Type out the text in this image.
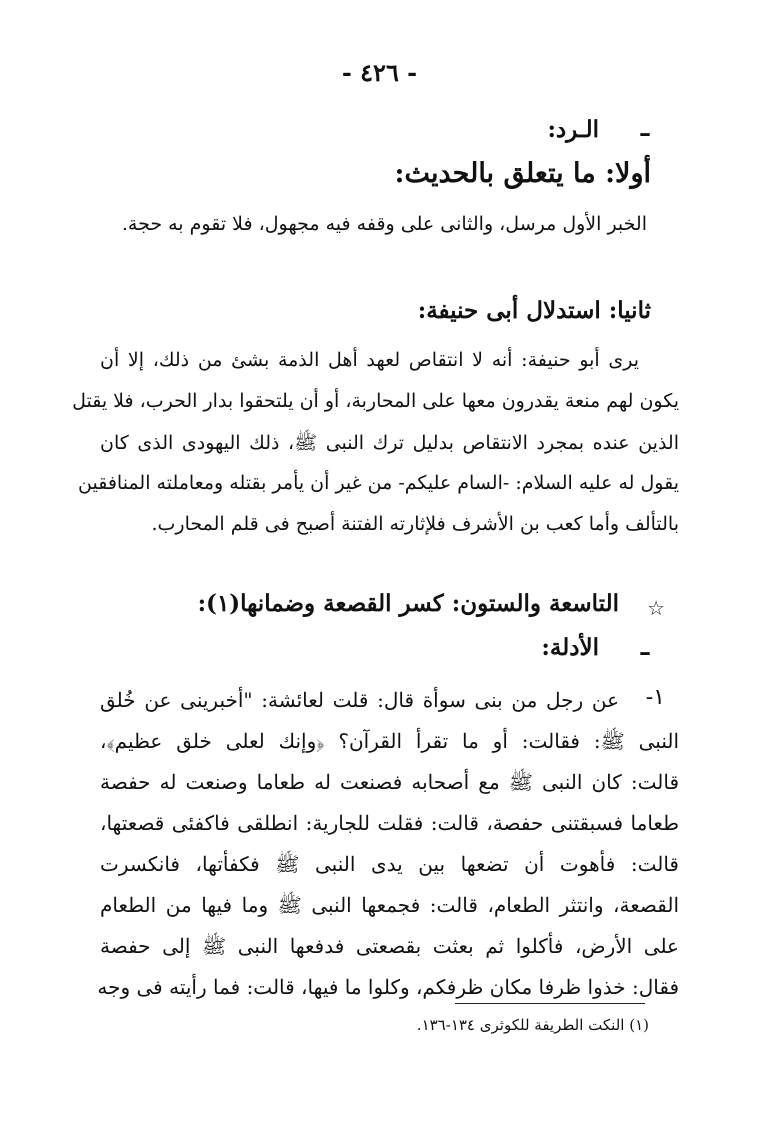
- ٤٢٦ -
–
الـرد:
أولا: ما يتعلق بالحديث:
الخبر الأول مرسل، والثانى على وقفه فيه مجهول، فلا تقوم به حجة.
ثانيا: استدلال أبى حنيفة:
يرى أبو حنيفة: أنه لا انتقاص لعهد أهل الذمة بشئ من ذلك، إلا أن
يكون لهم منعة يقدرون معها على المحاربة، أو أن يلتحقوا بدار الحرب، فلا يقتل
الذين عنده بمجرد الانتقاص بدليل ترك النبى ﷺ، ذلك اليهودى الذى كان
يقول له عليه السلام: -السام عليكم- من غير أن يأمر بقتله ومعاملته المنافقين
بالتألف وأما كعب بن الأشرف فلإثارته الفتنة أصبح فى قلم المحارب.
☆
التاسعة والستون: كسر القصعة وضمانها(١):
–
الأدلة:
١-
عن رجل من بنى سوأة قال: قلت لعائشة: "أخبرينى عن خُلق
النبى ﷺ: فقالت: أو ما تقرأ القرآن؟ ﴿وإنك لعلى خلق عظيم﴾،
قالت: كان النبى ﷺ مع أصحابه فصنعت له طعاما وصنعت له حفصة
طعاما فسبقتنى حفصة، قالت: فقلت للجارية: انطلقى فاكفئى قصعتها،
قالت: فأهوت أن تضعها بين يدى النبى ﷺ فكفأتها، فانكسرت
القصعة، وانتثر الطعام، قالت: فجمعها النبى ﷺ وما فيها من الطعام
على الأرض، فأكلوا ثم بعثت بقصعتى فدفعها النبى ﷺ إلى حفصة
فقال: خذوا ظرفا مكان ظرفكم، وكلوا ما فيها، قالت: فما رأيته فى وجه
(١) النكت الطريفة للكوثرى ١٣٤-١٣٦.
